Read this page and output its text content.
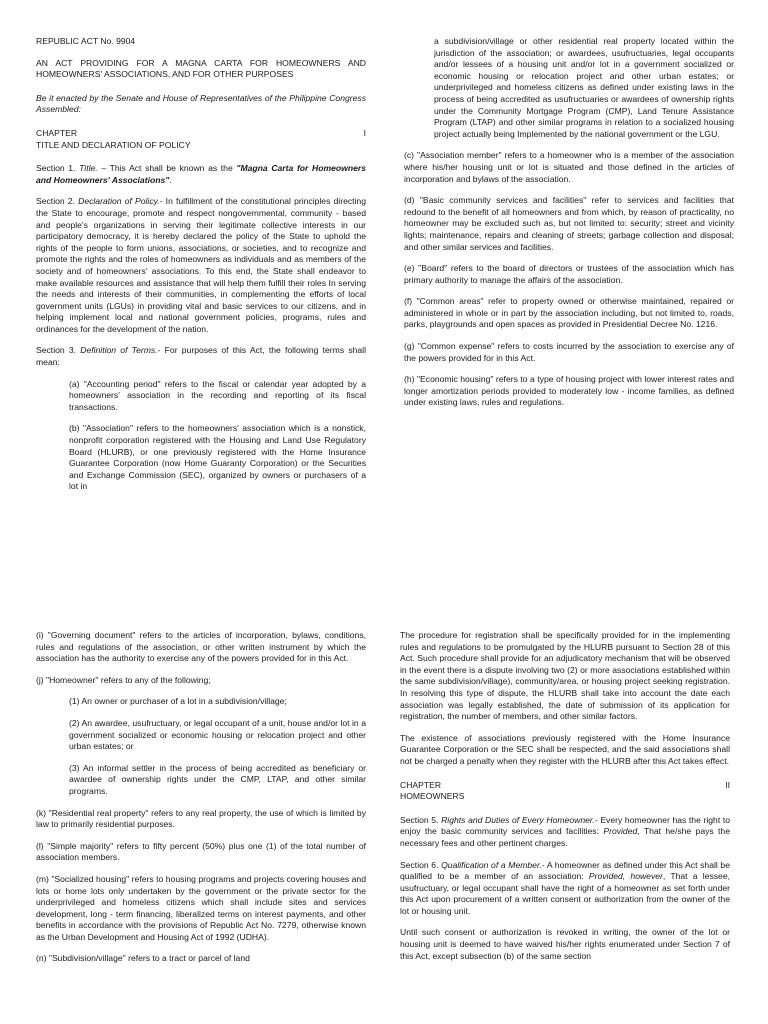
REPUBLIC ACT No. 9904

AN ACT PROVIDING FOR A MAGNA CARTA FOR HOMEOWNERS AND HOMEOWNERS' ASSOCIATIONS, AND FOR OTHER PURPOSES

Be it enacted by the Senate and House of Representatives of the Philippine Congress Assembled:

CHAPTER	I

TITLE AND DECLARATION OF POLICY

Section 1. Title. – This Act shall be known as the "Magna Carta for Homeowners and Homeowners' Associations".

Section 2. Declaration of Policy.- In fulfillment of the constitutional principles directing the State to encourage, promote and respect nongovernmental, community - based and people's organizations in serving their legitimate collective interests in our participatory democracy, it is hereby declared the policy of the State to uphold the rights of the people to form unions, associations, or societies, and to recognize and promote the rights and the roles of homeowners as individuals and as members of the society and of homeowners' associations. To this end, the State shall endeavor to make available resources and assistance that will help them fulfill their roles In serving the needs and interests of their communities, in complementing the efforts of local government units (LGUs) in providing vital and basic services to our citizens, and in helping implement local and national government policies, programs, rules and ordinances for the development of the nation.

Section 3. Definition of Terms.- For purposes of this Act, the following terms shall mean:

(a) "Accounting period" refers to the fiscal or calendar year adopted by a homeowners' association in the recording and reporting of its fiscal transactions.

(b) "Association" refers to the homeowners' association which is a nonstick, nonprofit corporation registered with the Housing and Land Use Regulatory Board (HLURB), or one previously registered with the Home Insurance Guarantee Corporation (now Home Guaranty Corporation) or the Securities and Exchange Commission (SEC), organized by owners or purchasers of a lot in

a subdivision/village or other residential real property located within the jurisdiction of the association; or awardees, usufructuaries, legal occupants and/or lessees of a housing unit and/or lot in a government socialized or economic housing or relocation project and other urban estates; or underprivileged and homeless citizens as defined under existing laws in the process of being accredited as usufructuaries or awardees of ownership rights under the Community Mortgage Program (CMP), Land Tenure Assistance Program (LTAP) and other similar programs in relation to a socialized housing project actually being Implemented by the national government or the LGU.

(c) "Association member" refers to a homeowner who is a member of the association where his/her housing unit or lot is situated and those defined in the articles of incorporation and bylaws of the association.

(d) "Basic community services and facilities" refer to services and facilities that redound to the benefit of all homeowners and from which, by reason of practicality, no homeowner may be excluded such as, but not limited to: security; street and vicinity lights; maintenance, repairs and cleaning of streets; garbage collection and disposal; and other similar services and facilities.

(e) "Board" refers to the board of directors or trustees of the association which has primary authority to manage the affairs of the association.

(f) "Common areas" refer to property owned or otherwise maintained, repaired or administered in whole or in part by the association including, but not limited to, roads, parks, playgrounds and open spaces as provided in Presidential Decree No. 1216.

(g) "Common expense" refers to costs incurred by the association to exercise any of the powers provided for in this Act.

(h) "Economic housing" refers to a type of housing project with lower interest rates and longer amortization periods provided to moderately low - income families, as defined under existing laws, rules and regulations.

(i) "Governing document" refers to the articles of incorporation, bylaws, conditions, rules and regulations of the association, or other written instrument by which the association has the authority to exercise any of the powers provided for in this Act.

(j) "Homeowner" refers to any of the following;

(1) An owner or purchaser of a lot in a subdivision/village;

(2) An awardee, usufructuary, or legal occupant of a unit, house and/or lot in a government socialized or economic housing or relocation project and other urban estates; or

(3) An informal settler in the process of being accredited as beneficiary or awardee of ownership rights under the CMP, LTAP, and other similar programs.

(k) "Residential real property" refers to any real property, the use of which is limited by law to primarily residential purposes.

(l) "Simple majority" refers to fifty percent (50%) plus one (1) of the total number of association members.

(m) "Socialized housing" refers to housing programs and projects covering houses and lots or home lots only undertaken by the government or the private sector for the underprivileged and homeless citizens which shall include sites and services development, long - term financing, liberalized terms on interest payments, and other benefits in accordance with the provisions of Republic Act No. 7279, otherwise known as the Urban Development and Housing Act of 1992 (UDHA).

(n) "Subdivision/village" refers to a tract or parcel of land

The procedure for registration shall be specifically provided for in the implementing rules and regulations to be promulgated by the HLURB pursuant to Section 28 of this Act. Such procedure shall provide for an adjudicatory mechanism that will be observed in the event there is a dispute involving two (2) or more associations established within the same subdivision/village), community/area, or housing project seeking registration. In resolving this type of dispute, the HLURB shall take into account the date each association was legally established, the date of submission of its application for registration, the number of members, and other similar factors.

The existence of associations previously registered with the Home Insurance Guarantee Corporation or the SEC shall be respected, and the said associations shall not be charged a penalty when they register with the HLURB after this Act takes effect.

CHAPTER	II

HOMEOWNERS

Section 5. Rights and Duties of Every Homeowner.- Every homeowner has the right to enjoy the basic community services and facilities: Provided, That he/she pays the necessary fees and other pertinent charges.

Section 6. Qualification of a Member.- A homeowner as defined under this Act shall be qualified to be a member of an association: Provided, however, That a lessee, usufructuary, or legal occupant shall have the right of a homeowner as set forth under this Act upon procurement of a written consent or authorization from the owner of the lot or housing unit.

Until such consent or authorization is revoked in writing, the owner of the lot or housing unit is deemed to have waived his/her rights enumerated under Section 7 of this Act, except subsection (b) of the same section
